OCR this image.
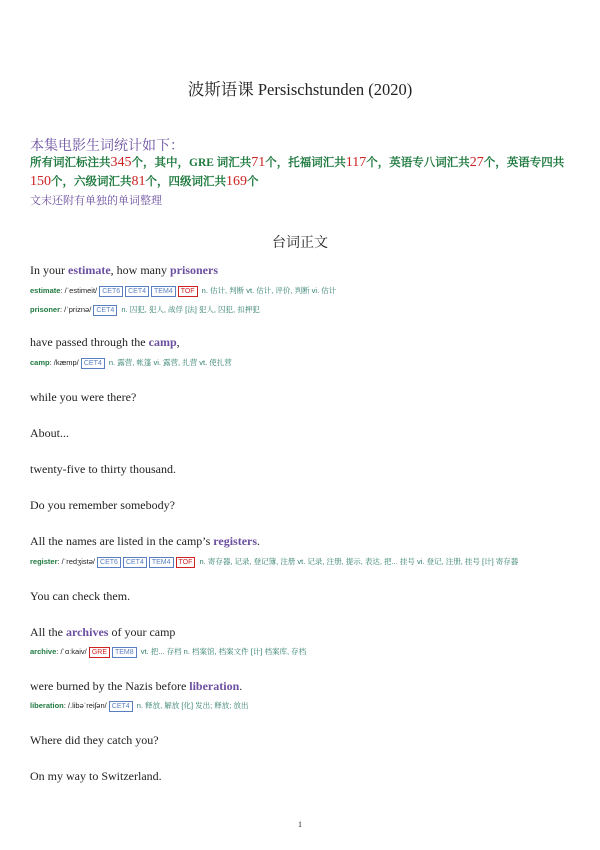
波斯语课 Persischstunden (2020)
本集电影生词统计如下：
所有词汇标注共345个，其中，GRE 词汇共71个，托福词汇共117个，英语专八词汇共27个，英语专四共
150个，六级词汇共81个，四级词汇共169个
文末还附有单独的单词整理
台词正文
In your estimate, how many prisoners
estimate: /ˈestimeit/ CET6 CET4 TEM4 TOF n. 估计, 判断 vt. 估计, 评价, 判断 vi. 估计
prisoner: /ˈpriznə/ CET4 n. 囚犯, 犯人, 战俘 [法] 犯人, 囚犯, 扣押犯
have passed through the camp,
camp: /kæmp/ CET4 n. 露营, 帐篷 vi. 露营, 扎营 vt. 使扎营
while you were there?
About...
twenty-five to thirty thousand.
Do you remember somebody?
All the names are listed in the camp’s registers.
register: /ˈredʒistə/ CET6 CET4 TEM4 TOF n. 寄存器, 记录, 登记簿, 注册 vt. 记录, 注册, 提示, 表达, 把... 挂号 vi. 登记, 注册, 挂号 [计] 寄存器
You can check them.
All the archives of your camp
archive: /ˈɑːkaiv/ GRE TEM8 vt. 把... 存档 n. 档案馆, 档案文件 [计] 档案库, 存档
were burned by the Nazis before liberation.
liberation: /.libəˈreiʃən/ CET4 n. 释放, 解放 [化] 发出; 释放; 放出
Where did they catch you?
On my way to Switzerland.
1
